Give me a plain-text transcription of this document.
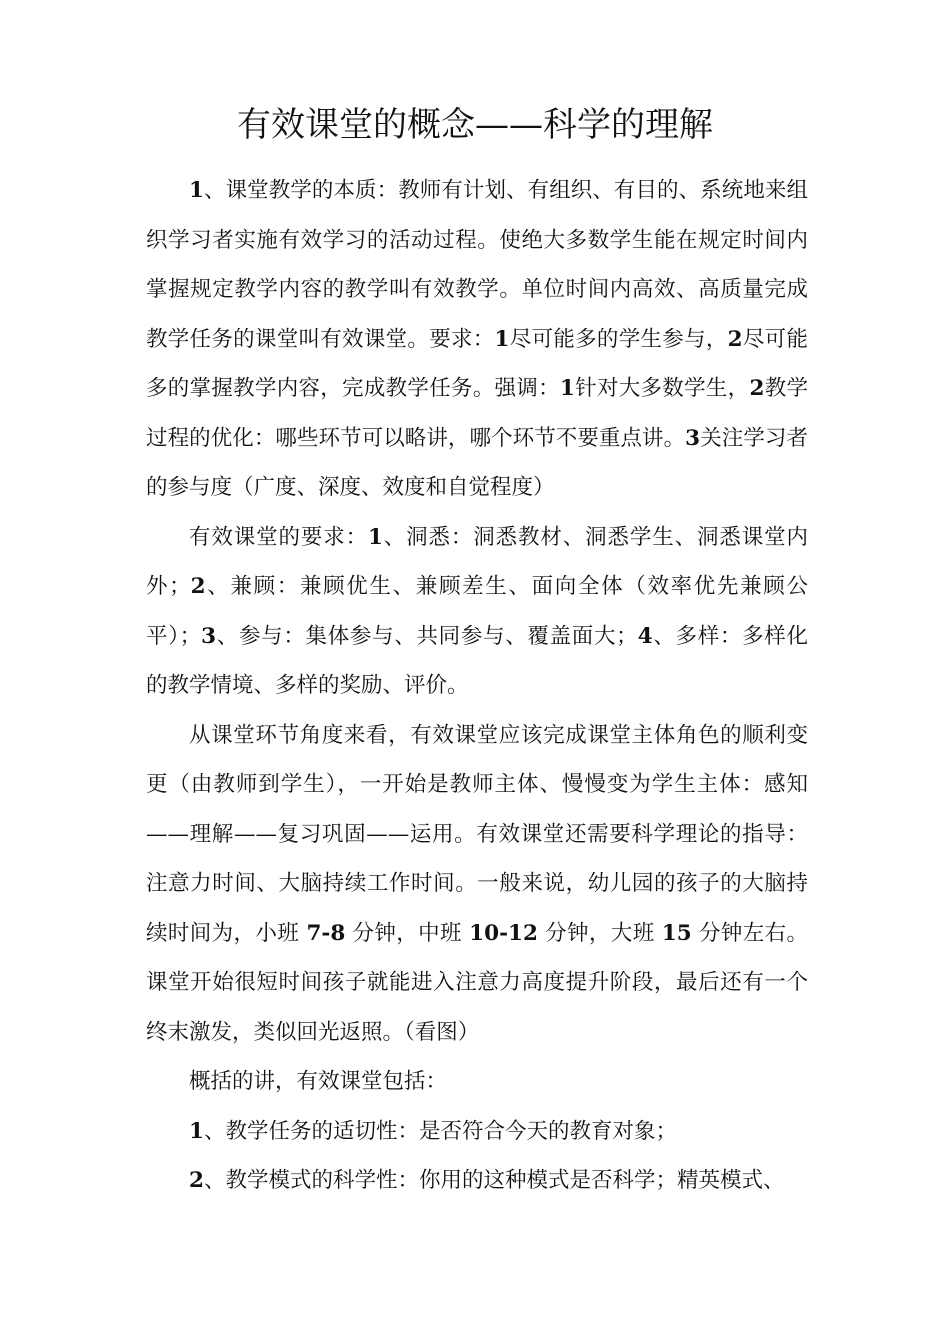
有效课堂的概念——科学的理解

1、课堂教学的本质：教师有计划、有组织、有目的、系统地来组织学习者实施有效学习的活动过程。使绝大多数学生能在规定时间内掌握规定教学内容的教学叫有效教学。单位时间内高效、高质量完成教学任务的课堂叫有效课堂。要求：1尽可能多的学生参与，2尽可能多的掌握教学内容，完成教学任务。强调：1针对大多数学生，2教学过程的优化：哪些环节可以略讲，哪个环节不要重点讲。3关注学习者的参与度（广度、深度、效度和自觉程度）

有效课堂的要求：1、洞悉：洞悉教材、洞悉学生、洞悉课堂内外；2、兼顾：兼顾优生、兼顾差生、面向全体（效率优先兼顾公平）；3、参与：集体参与、共同参与、覆盖面大；4、多样：多样化的教学情境、多样的奖励、评价。

从课堂环节角度来看，有效课堂应该完成课堂主体角色的顺利变更（由教师到学生），一开始是教师主体、慢慢变为学生主体：感知——理解——复习巩固——运用。有效课堂还需要科学理论的指导：注意力时间、大脑持续工作时间。一般来说，幼儿园的孩子的大脑持续时间为，小班 7-8 分钟，中班 10-12 分钟，大班 15 分钟左右。课堂开始很短时间孩子就能进入注意力高度提升阶段，最后还有一个终末激发，类似回光返照。（看图）

概括的讲，有效课堂包括：

1、教学任务的适切性：是否符合今天的教育对象；

2、教学模式的科学性：你用的这种模式是否科学；精英模式、
